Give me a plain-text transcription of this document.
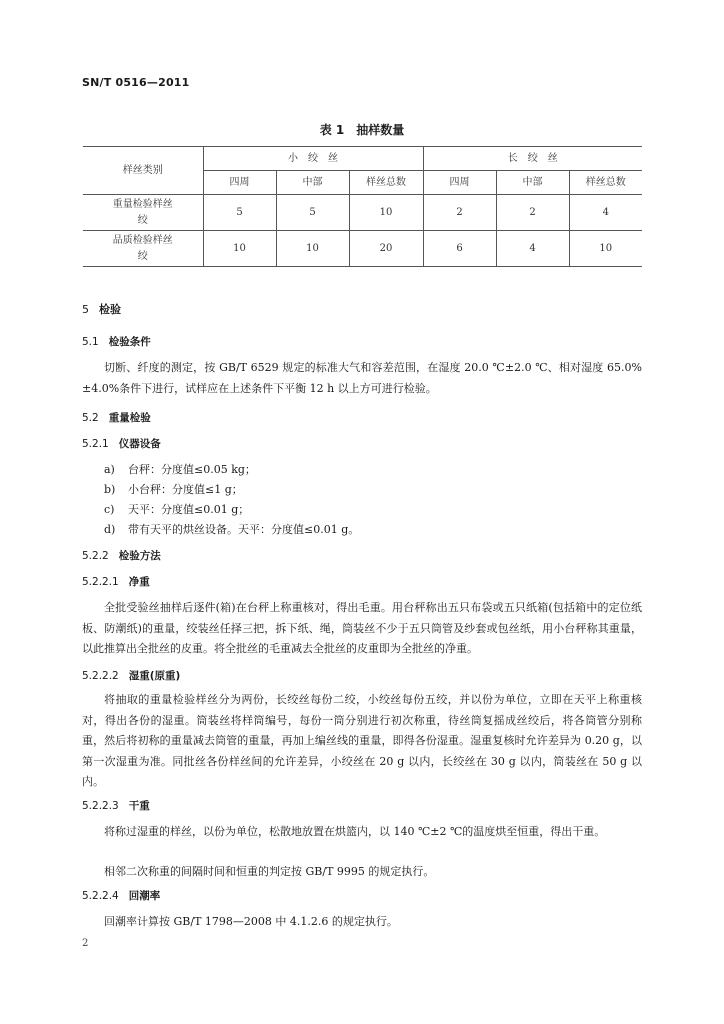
SN/T 0516—2011
表 1　抽样数量
样丝类别	小　绞　丝			长　绞　丝		
	四周	中部	样丝总数	四周	中部	样丝总数
重量检验样丝
绞	5	5	10	2	2	4
品质检验样丝
绞	10	10	20	6	4	10
5 检验
5.1 检验条件
切断、纤度的测定，按 GB/T 6529 规定的标准大气和容差范围，在湿度 20.0 ℃±2.0 ℃、相对湿度 65.0%±4.0%条件下进行，试样应在上述条件下平衡 12 h 以上方可进行检验。
5.2 重量检验
5.2.1 仪器设备
a) 台秤：分度值≤0.05 kg；
b) 小台秤：分度值≤1 g；
c) 天平：分度值≤0.01 g；
d) 带有天平的烘丝设备。天平：分度值≤0.01 g。
5.2.2 检验方法
5.2.2.1 净重
全批受验丝抽样后逐件(箱)在台秤上称重核对，得出毛重。用台秤称出五只布袋或五只纸箱(包括箱中的定位纸板、防潮纸)的重量，绞装丝任择三把，拆下纸、绳，筒装丝不少于五只筒管及纱套或包丝纸，用小台秤称其重量，以此推算出全批丝的皮重。将全批丝的毛重减去全批丝的皮重即为全批丝的净重。
5.2.2.2 湿重(原重)
将抽取的重量检验样丝分为两份，长绞丝每份二绞，小绞丝每份五绞，并以份为单位，立即在天平上称重核对，得出各份的湿重。筒装丝将样筒编号，每份一筒分别进行初次称重，待丝筒复摇成丝绞后，将各筒管分别称重，然后将初称的重量减去筒管的重量，再加上编丝线的重量，即得各份湿重。湿重复核时允许差异为 0.20 g，以第一次湿重为准。同批丝各份样丝间的允许差异，小绞丝在 20 g 以内，长绞丝在 30 g 以内，筒装丝在 50 g 以内。
5.2.2.3 干重
将称过湿重的样丝，以份为单位，松散地放置在烘篮内，以 140 ℃±2 ℃的温度烘至恒重，得出干重。
相邻二次称重的间隔时间和恒重的判定按 GB/T 9995 的规定执行。
5.2.2.4 回潮率
回潮率计算按 GB/T 1798—2008 中 4.1.2.6 的规定执行。
2
